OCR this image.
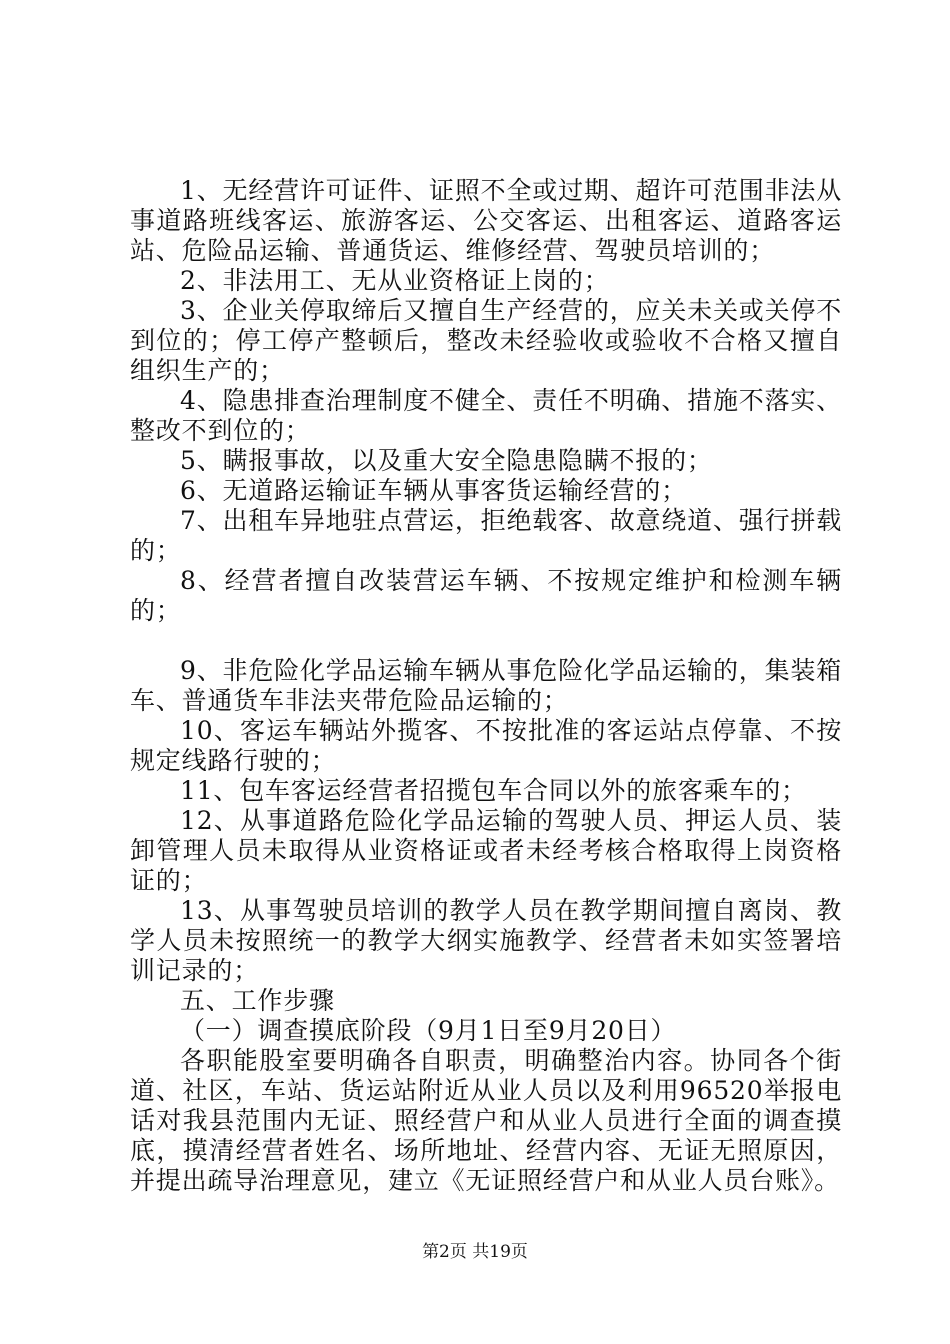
1、无经营许可证件、证照不全或过期、超许可范围非法从事道路班线客运、旅游客运、公交客运、出租客运、道路客运站、危险品运输、普通货运、维修经营、驾驶员培训的；

2、非法用工、无从业资格证上岗的；

3、企业关停取缔后又擅自生产经营的，应关未关或关停不到位的；停工停产整顿后，整改未经验收或验收不合格又擅自组织生产的；

4、隐患排查治理制度不健全、责任不明确、措施不落实、整改不到位的；

5、瞒报事故，以及重大安全隐患隐瞒不报的；

6、无道路运输证车辆从事客货运输经营的；

7、出租车异地驻点营运，拒绝载客、故意绕道、强行拼载的；

8、经营者擅自改装营运车辆、不按规定维护和检测车辆的；

9、非危险化学品运输车辆从事危险化学品运输的，集装箱车、普通货车非法夹带危险品运输的；

10、客运车辆站外揽客、不按批准的客运站点停靠、不按规定线路行驶的；

11、包车客运经营者招揽包车合同以外的旅客乘车的；

12、从事道路危险化学品运输的驾驶人员、押运人员、装卸管理人员未取得从业资格证或者未经考核合格取得上岗资格证的；

13、从事驾驶员培训的教学人员在教学期间擅自离岗、教学人员未按照统一的教学大纲实施教学、经营者未如实签署培训记录的；

五、工作步骤

（一）调查摸底阶段（9月1日至9月20日）

各职能股室要明确各自职责，明确整治内容。协同各个街道、社区，车站、货运站附近从业人员以及利用96520举报电话对我县范围内无证、照经营户和从业人员进行全面的调查摸底，摸清经营者姓名、场所地址、经营内容、无证无照原因，并提出疏导治理意见，建立《无证照经营户和从业人员台账》。

第2页 共19页
